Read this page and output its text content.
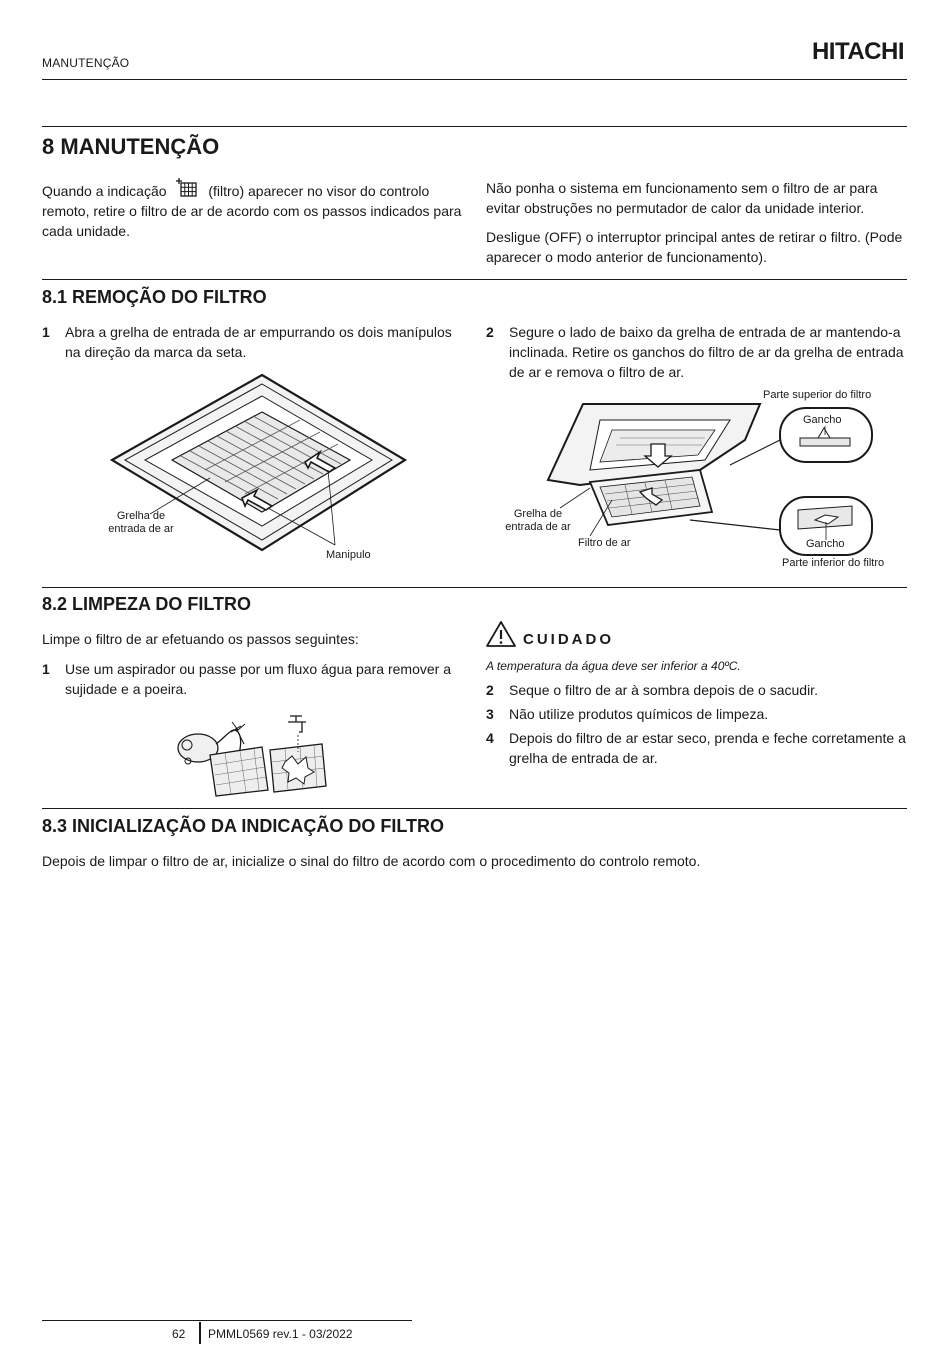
MANUTENÇÃO	HITACHI
8 MANUTENÇÃO
Quando a indicação	(filtro) aparecer no visor do controlo remoto, retire o filtro de ar de acordo com os passos indicados para cada unidade.
Não ponha o sistema em funcionamento sem o filtro de ar para evitar obstruções no permutador de calor da unidade interior.
Desligue (OFF) o interruptor principal antes de retirar o filtro. (Pode aparecer o modo anterior de funcionamento).
8.1 REMOÇÃO DO FILTRO
1	Abra a grelha de entrada de ar empurrando os dois manípulos na direção da marca da seta.
2	Segure o lado de baixo da grelha de entrada de ar mantendo-a inclinada. Retire os ganchos do filtro de ar da grelha de entrada de ar e remova o filtro de ar.
Grelha de
entrada de ar
Manipulo
Parte superior do filtro
Gancho
Grelha de
entrada de ar
Filtro de ar	Gancho
Parte inferior do filtro
8.2 LIMPEZA DO FILTRO
Limpe o filtro de ar efetuando os passos seguintes:
1	Use um aspirador ou passe por um fluxo água para remover a sujidade e a poeira.
CUIDADO
A temperatura da água deve ser inferior a 40ºC.
2	Seque o filtro de ar à sombra depois de o sacudir.
3	Não utilize produtos químicos de limpeza.
4	Depois do filtro de ar estar seco, prenda e feche corretamente a grelha de entrada de ar.
8.3 INICIALIZAÇÃO DA INDICAÇÃO DO FILTRO
Depois de limpar o filtro de ar, inicialize o sinal do filtro de acordo com o procedimento do controlo remoto.
62 PMML0569 rev.1 - 03/2022
